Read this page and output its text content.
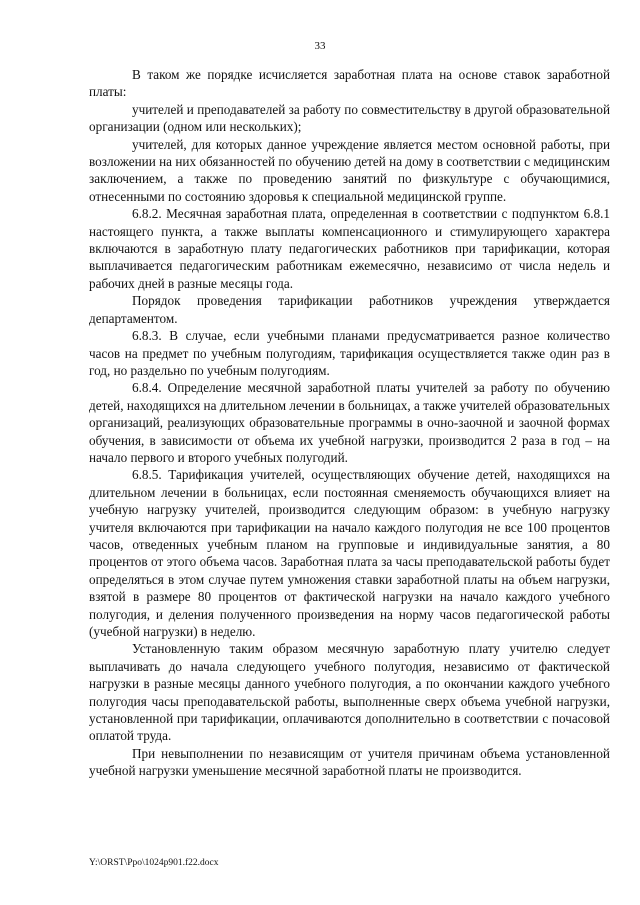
33

В таком же порядке исчисляется заработная плата на основе ставок заработной платы:

учителей и преподавателей за работу по совместительству в другой образовательной организации (одном или нескольких);

учителей, для которых данное учреждение является местом основной работы, при возложении на них обязанностей по обучению детей на дому в соответствии с медицинским заключением, а также по проведению занятий по физкультуре с обучающимися, отнесенными по состоянию здоровья к специальной медицинской группе.

6.8.2. Месячная заработная плата, определенная в соответствии с подпунктом 6.8.1 настоящего пункта, а также выплаты компенсационного и стимулирующего характера включаются в заработную плату педагогических работников при тарификации, которая выплачивается педагогическим работникам ежемесячно, независимо от числа недель и рабочих дней в разные месяцы года.

Порядок проведения тарификации работников учреждения утверждается департаментом.

6.8.3. В случае, если учебными планами предусматривается разное количество часов на предмет по учебным полугодиям, тарификация осуществляется также один раз в год, но раздельно по учебным полугодиям.

6.8.4. Определение месячной заработной платы учителей за работу по обучению детей, находящихся на длительном лечении в больницах, а также учителей образовательных организаций, реализующих образовательные программы в очно-заочной и заочной формах обучения, в зависимости от объема их учебной нагрузки, производится 2 раза в год – на начало первого и второго учебных полугодий.

6.8.5. Тарификация учителей, осуществляющих обучение детей, находящихся на длительном лечении в больницах, если постоянная сменяемость обучающихся влияет на учебную нагрузку учителей, производится следующим образом: в учебную нагрузку учителя включаются при тарификации на начало каждого полугодия не все 100 процентов часов, отведенных учебным планом на групповые и индивидуальные занятия, а 80 процентов от этого объема часов. Заработная плата за часы преподавательской работы будет определяться в этом случае путем умножения ставки заработной платы на объем нагрузки, взятой в размере 80 процентов от фактической нагрузки на начало каждого учебного полугодия, и деления полученного произведения на норму часов педагогической работы (учебной нагрузки) в неделю.

Установленную таким образом месячную заработную плату учителю следует выплачивать до начала следующего учебного полугодия, независимо от фактической нагрузки в разные месяцы данного учебного полугодия, а по окончании каждого учебного полугодия часы преподавательской работы, выполненные сверх объема учебной нагрузки, установленной при тарификации, оплачиваются дополнительно в соответствии с почасовой оплатой труда.

При невыполнении по независящим от учителя причинам объема установленной учебной нагрузки уменьшение месячной заработной платы не производится.

Y:\ORST\Ppo\1024p901.f22.docx
